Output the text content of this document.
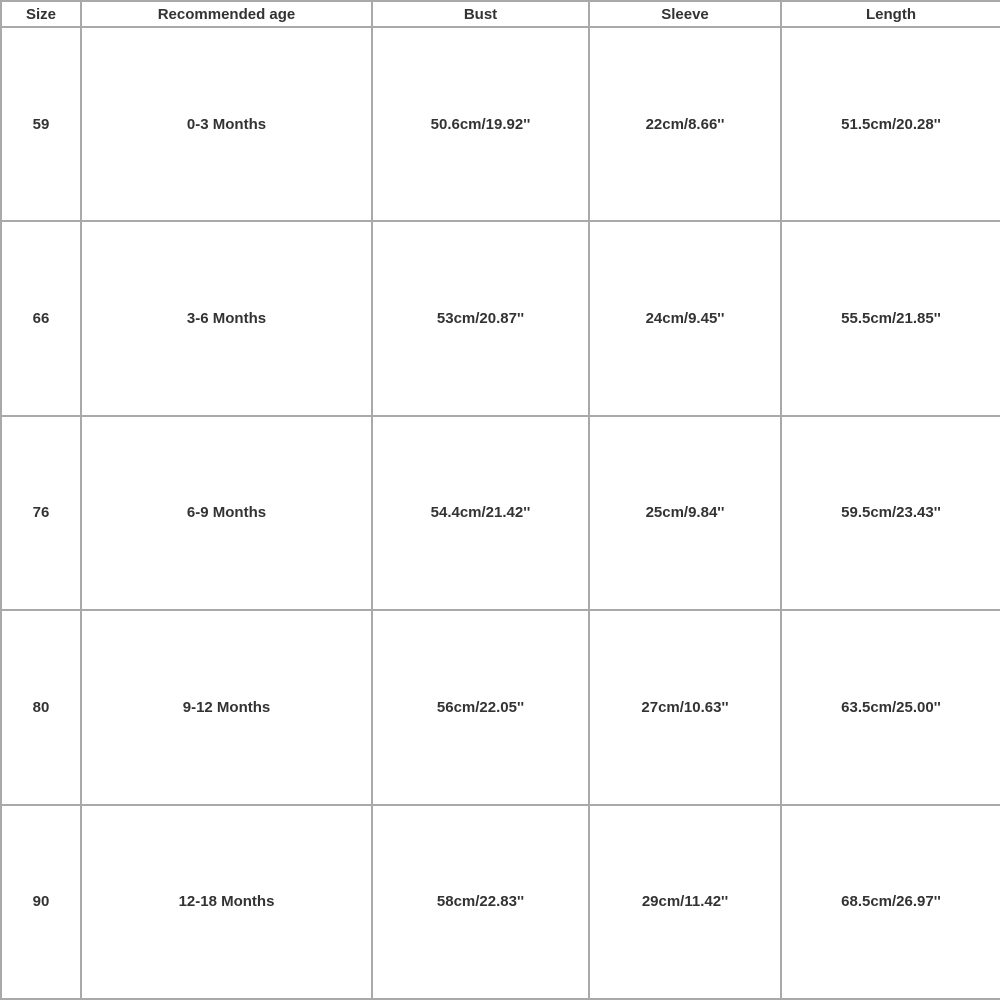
Size	Recommended age	Bust	Sleeve	Length
59	0-3 Months	50.6cm/19.92''	22cm/8.66''	51.5cm/20.28''
66	3-6 Months	53cm/20.87''	24cm/9.45''	55.5cm/21.85''
76	6-9 Months	54.4cm/21.42''	25cm/9.84''	59.5cm/23.43''
80	9-12 Months	56cm/22.05''	27cm/10.63''	63.5cm/25.00''
90	12-18 Months	58cm/22.83''	29cm/11.42''	68.5cm/26.97''
